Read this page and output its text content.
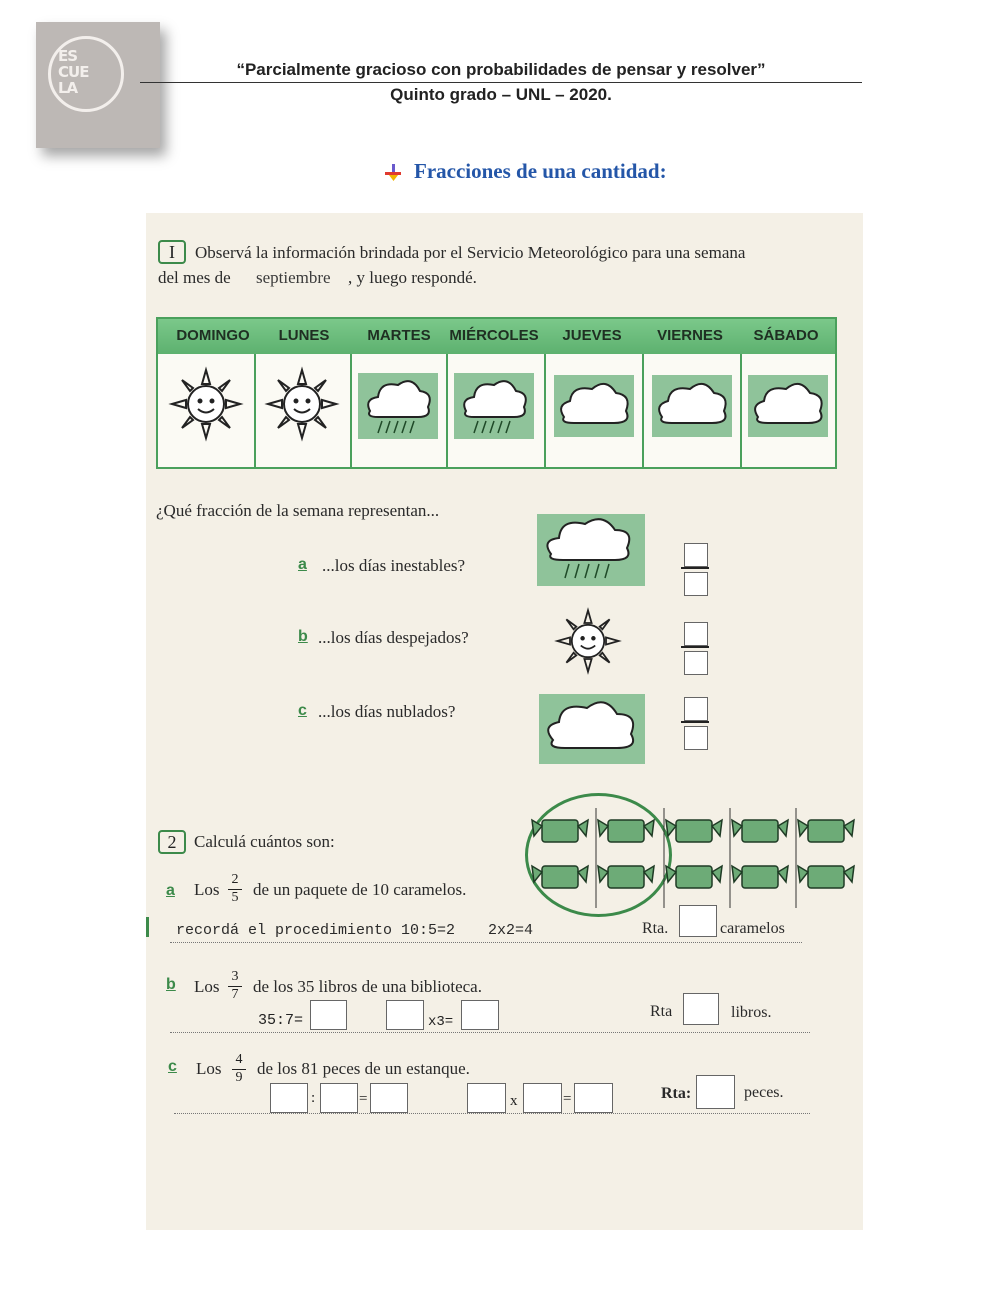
ES CUE LA
“Parcialmente gracioso con probabilidades de pensar y resolver”
Quinto grado – UNL – 2020.
Fracciones de una cantidad:
I	Observá la información brindada por el Servicio Meteorológico para una semana
del mes de septiembre , y luego respondé.
DOMINGO	LUNES	MARTES	MIÉRCOLES	JUEVES	VIERNES	SÁBADO
¿Qué fracción de la semana representan...
a ...los días inestables?
b ...los días despejados?
c ...los días nublados?
2	Calculá cuántos son:
a Los
2
5 de un paquete de 10 caramelos.
recordá el procedimiento 10:5=2 2x2=4	Rta.	caramelos
b Los
3
7 de los 35 libros de una biblioteca.
35:7=	x3=
Rta	libros.
c Los 4
9 de los 81 peces de un estanque.
:	=	x	=	Rta:	peces.
